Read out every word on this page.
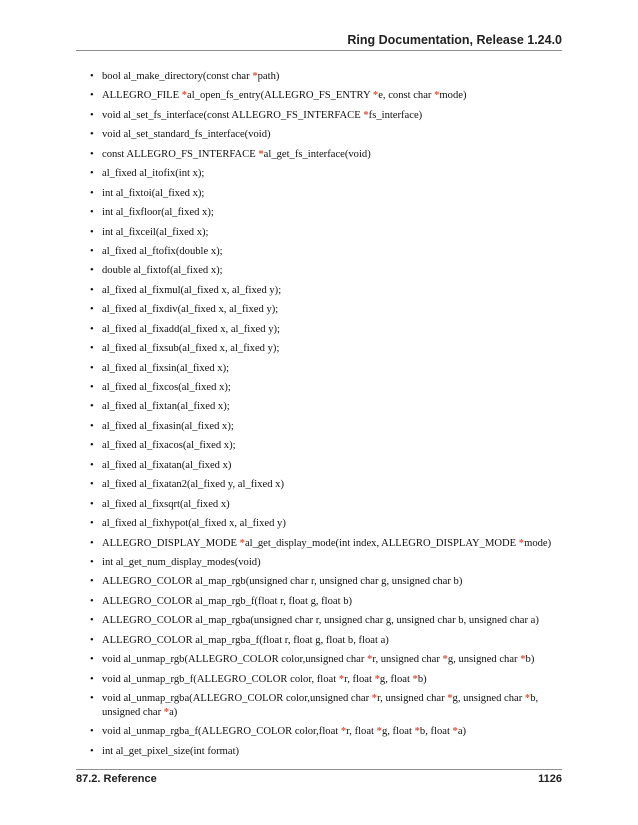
Ring Documentation, Release 1.24.0
• bool al_make_directory(const char *path)
• ALLEGRO_FILE *al_open_fs_entry(ALLEGRO_FS_ENTRY *e, const char *mode)
• void al_set_fs_interface(const ALLEGRO_FS_INTERFACE *fs_interface)
• void al_set_standard_fs_interface(void)
• const ALLEGRO_FS_INTERFACE *al_get_fs_interface(void)
• al_fixed al_itofix(int x);
• int al_fixtoi(al_fixed x);
• int al_fixfloor(al_fixed x);
• int al_fixceil(al_fixed x);
• al_fixed al_ftofix(double x);
• double al_fixtof(al_fixed x);
• al_fixed al_fixmul(al_fixed x, al_fixed y);
• al_fixed al_fixdiv(al_fixed x, al_fixed y);
• al_fixed al_fixadd(al_fixed x, al_fixed y);
• al_fixed al_fixsub(al_fixed x, al_fixed y);
• al_fixed al_fixsin(al_fixed x);
• al_fixed al_fixcos(al_fixed x);
• al_fixed al_fixtan(al_fixed x);
• al_fixed al_fixasin(al_fixed x);
• al_fixed al_fixacos(al_fixed x);
• al_fixed al_fixatan(al_fixed x)
• al_fixed al_fixatan2(al_fixed y, al_fixed x)
• al_fixed al_fixsqrt(al_fixed x)
• al_fixed al_fixhypot(al_fixed x, al_fixed y)
• ALLEGRO_DISPLAY_MODE *al_get_display_mode(int index, ALLEGRO_DISPLAY_MODE *mode)
• int al_get_num_display_modes(void)
• ALLEGRO_COLOR al_map_rgb(unsigned char r, unsigned char g, unsigned char b)
• ALLEGRO_COLOR al_map_rgb_f(float r, float g, float b)
• ALLEGRO_COLOR al_map_rgba(unsigned char r, unsigned char g, unsigned char b, unsigned char a)
• ALLEGRO_COLOR al_map_rgba_f(float r, float g, float b, float a)
• void al_unmap_rgb(ALLEGRO_COLOR color,unsigned char *r, unsigned char *g, unsigned char *b)
• void al_unmap_rgb_f(ALLEGRO_COLOR color, float *r, float *g, float *b)
• void al_unmap_rgba(ALLEGRO_COLOR color,unsigned char *r, unsigned char *g, unsigned char *b, unsigned char *a)
• void al_unmap_rgba_f(ALLEGRO_COLOR color,float *r, float *g, float *b, float *a)
• int al_get_pixel_size(int format)
87.2. Reference	1126
